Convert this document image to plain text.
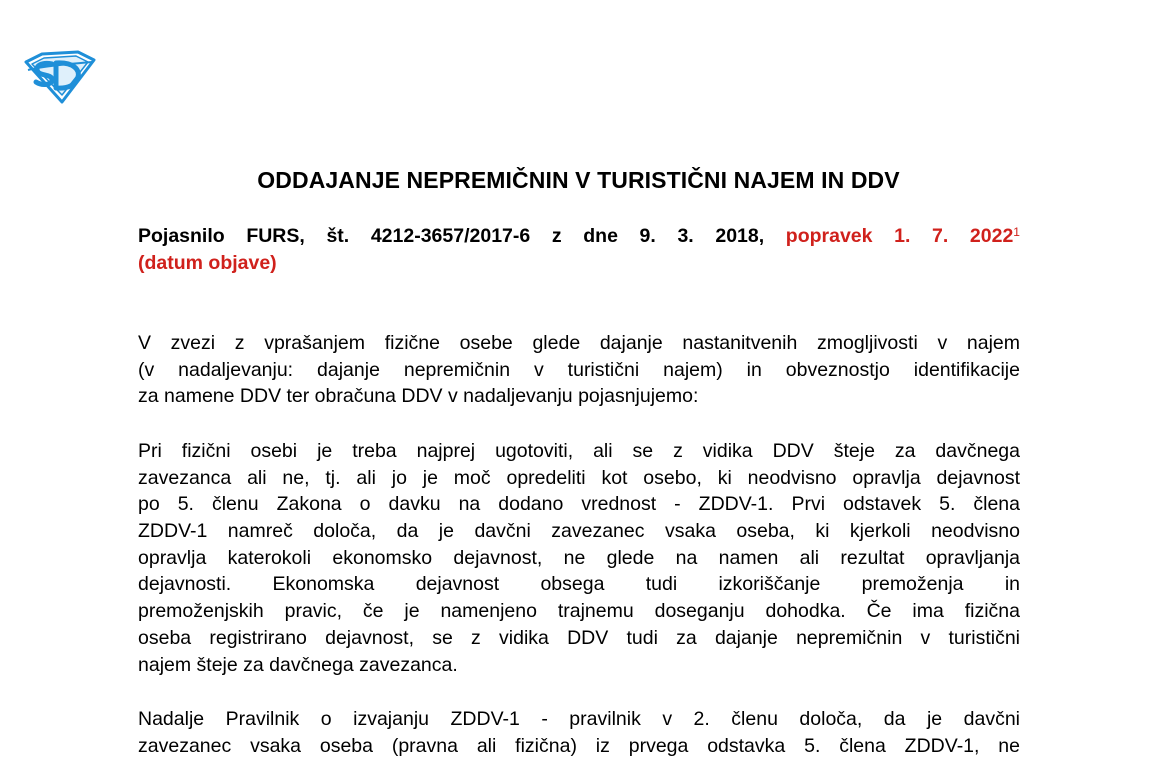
ODDAJANJE NEPREMIČNIN V TURISTIČNI NAJEM IN DDV

Pojasnilo FURS, št. 4212-3657/2017-6 z dne 9. 3. 2018, popravek 1. 7. 2022$^1$

(datum objave)

V zvezi z vprašanjem fizične osebe glede dajanje nastanitvenih zmogljivosti v najem
(v nadaljevanju: dajanje nepremičnin v turistični najem) in obveznostjo identifikacije
za namene DDV ter obračuna DDV v nadaljevanju pojasnjujemo:
Pri fizični osebi je treba najprej ugotoviti, ali se z vidika DDV šteje za davčnega
zavezanca ali ne, tj. ali jo je moč opredeliti kot osebo, ki neodvisno opravlja dejavnost
po 5. členu Zakona o davku na dodano vrednost - ZDDV-1. Prvi odstavek 5. člena
ZDDV-1 namreč določa, da je davčni zavezanec vsaka oseba, ki kjerkoli neodvisno
opravlja katerokoli ekonomsko dejavnost, ne glede na namen ali rezultat opravljanja
dejavnosti. Ekonomska dejavnost obsega tudi izkoriščanje premoženja in
premoženjskih pravic, če je namenjeno trajnemu doseganju dohodka. Če ima fizična
oseba registrirano dejavnost, se z vidika DDV tudi za dajanje nepremičnin v turistični
najem šteje za davčnega zavezanca.
Nadalje Pravilnik o izvajanju ZDDV-1 - pravilnik v 2. členu določa, da je davčni
zavezanec vsaka oseba (pravna ali fizična) iz prvega odstavka 5. člena ZDDV-1, ne
